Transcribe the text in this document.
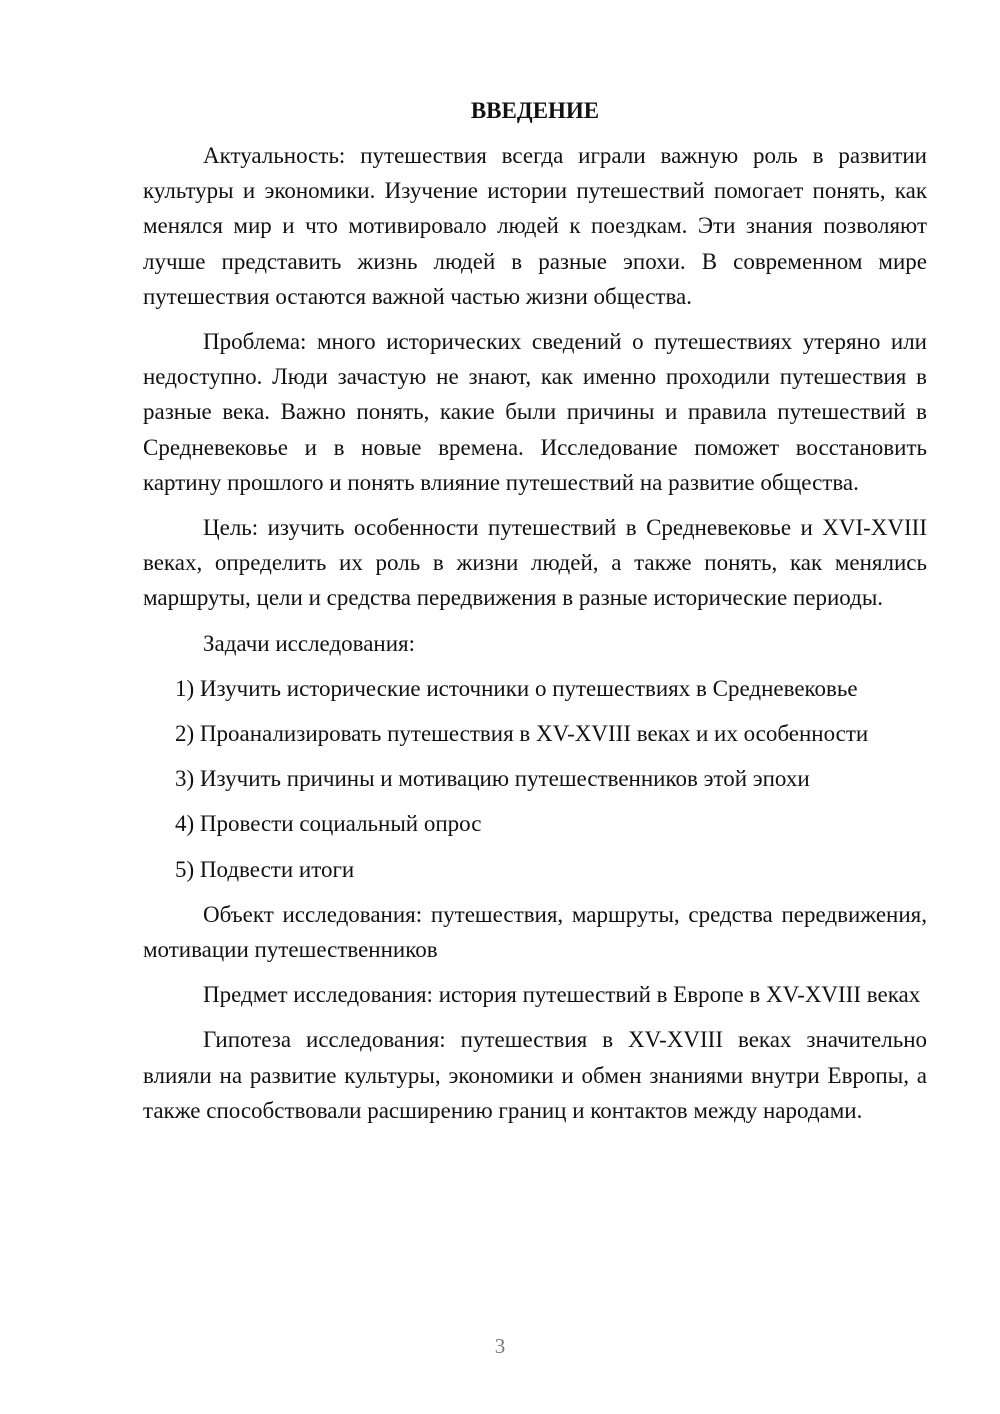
ВВЕДЕНИЕ

Актуальность: путешествия всегда играли важную роль в развитии культуры и экономики. Изучение истории путешествий помогает понять, как менялся мир и что мотивировало людей к поездкам. Эти знания позволяют лучше представить жизнь людей в разные эпохи. В современном мире путешествия остаются важной частью жизни общества.

Проблема: много исторических сведений о путешествиях утеряно или недоступно. Люди зачастую не знают, как именно проходили путешествия в разные века. Важно понять, какие были причины и правила путешествий в Средневековье и в новые времена. Исследование поможет восстановить картину прошлого и понять влияние путешествий на развитие общества.

Цель: изучить особенности путешествий в Средневековье и XVI-XVIII веках, определить их роль в жизни людей, а также понять, как менялись маршруты, цели и средства передвижения в разные исторические периоды.

Задачи исследования:

1) Изучить исторические источники о путешествиях в Средневековье
2) Проанализировать путешествия в XV-XVIII веках и их особенности
3) Изучить причины и мотивацию путешественников этой эпохи
4) Провести социальный опрос
5) Подвести итоги

Объект исследования: путешествия, маршруты, средства передвижения, мотивации путешественников

Предмет исследования: история путешествий в Европе в XV-XVIII веках

Гипотеза исследования: путешествия в XV-XVIII веках значительно влияли на развитие культуры, экономики и обмен знаниями внутри Европы, а также способствовали расширению границ и контактов между народами.

3
